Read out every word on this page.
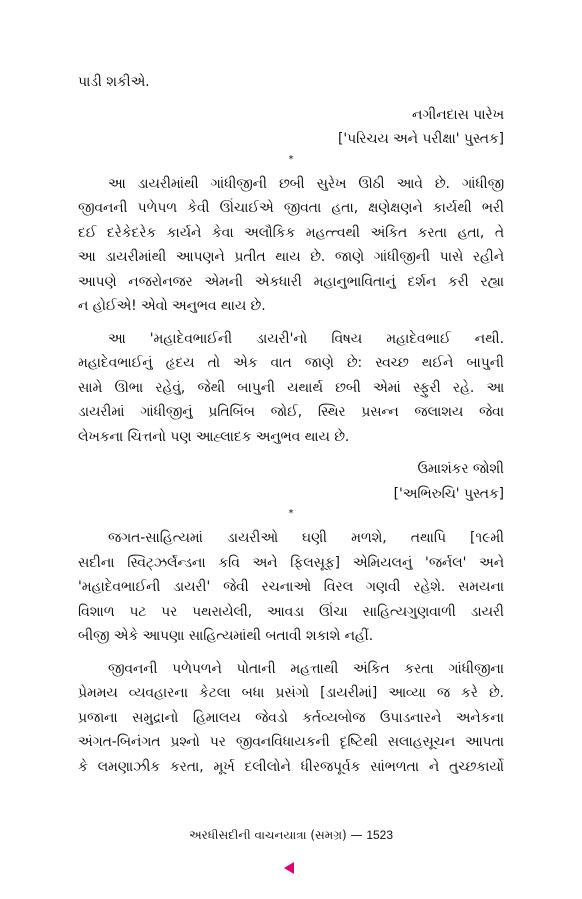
પાડી શકીએ.
નગીનદાસ પારેખ
['પરિચય અને પરીક્ષા' પુસ્તક]
*
આ ડાયરીમાંથી ગાંધીજીની છબી સુરેખ ઊઠી આવે છે. ગાંધીજી
જીવનની પળેપળ કેવી ઊંચાઈએ જીવતા હતા, ક્ષણેક્ષણને કાર્યથી ભરી
દઈ દરેકેદરેક કાર્યને કેવા અલૌકિક મહત્ત્વથી અંકિત કરતા હતા, તે
આ ડાયરીમાંથી આપણને પ્રતીત થાય છે. જાણે ગાંધીજીની પાસે રહીને
આપણે નજરોનજર એમની એકધારી મહાનુભાવિતાનું દર્શન કરી રહ્યા
ન હોઈએ! એવો અનુભવ થાય છે.
આ 'મહાદેવભાઈની ડાયરી'નો વિષય મહાદેવભાઈ નથી.
મહાદેવભાઈનું હૃદય તો એક વાત જાણે છે: સ્વચ્છ થઈને બાપુની
સામે ઊભા રહેવું, જેથી બાપુની યથાર્થ છબી એમાં સ્ફુરી રહે. આ
ડાયરીમાં ગાંધીજીનું પ્રતિબિંબ જોઈ, સ્થિર પ્રસન્ન જલાશય જેવા
લેખકના ચિત્તનો પણ આહ્લાદક અનુભવ થાય છે.
ઉમાશંકર જોશી
['અભિરુચિ' પુસ્તક]
*
જગત-સાહિત્યમાં ડાયરીઓ ઘણી મળશે, તથાપિ [૧૯મી
સદીના સ્વિટ્ઝર્લૅન્ડના કવિ અને ફિલસૂફ] એમિયલનું 'જર્નલ' અને
'મહાદેવભાઈની ડાયરી' જેવી રચનાઓ વિરલ ગણવી રહેશે. સમયના
વિશાળ પટ પર પથરાયેલી, આવડા ઊંચા સાહિત્યગુણવાળી ડાયરી
બીજી એકે આપણા સાહિત્યમાંથી બતાવી શકાશે નહીં.
જીવનની પળેપળને પોતાની મહત્તાથી અંકિત કરતા ગાંધીજીના
પ્રેમમય વ્યવહારના કેટલા બધા પ્રસંગો [ડાયરીમાં] આવ્યા જ કરે છે.
પ્રજાના સમુદ્રાનો હિમાલય જેવડો કર્તવ્યબોજ ઉપાડનારને અનેકના
અંગત-બિનંગત પ્રશ્નો પર જીવનવિધાયકની દૃષ્ટિથી સલાહસૂચન આપતા
કે લમણાઝીક કરતા, મૂર્ખ દલીલોને ધીરજપૂર્વક સાંભળતા ને તુચ્છકાર્યો
અરધીસદીની વાચનયાત્રા (સમગ્ર) — 1523
